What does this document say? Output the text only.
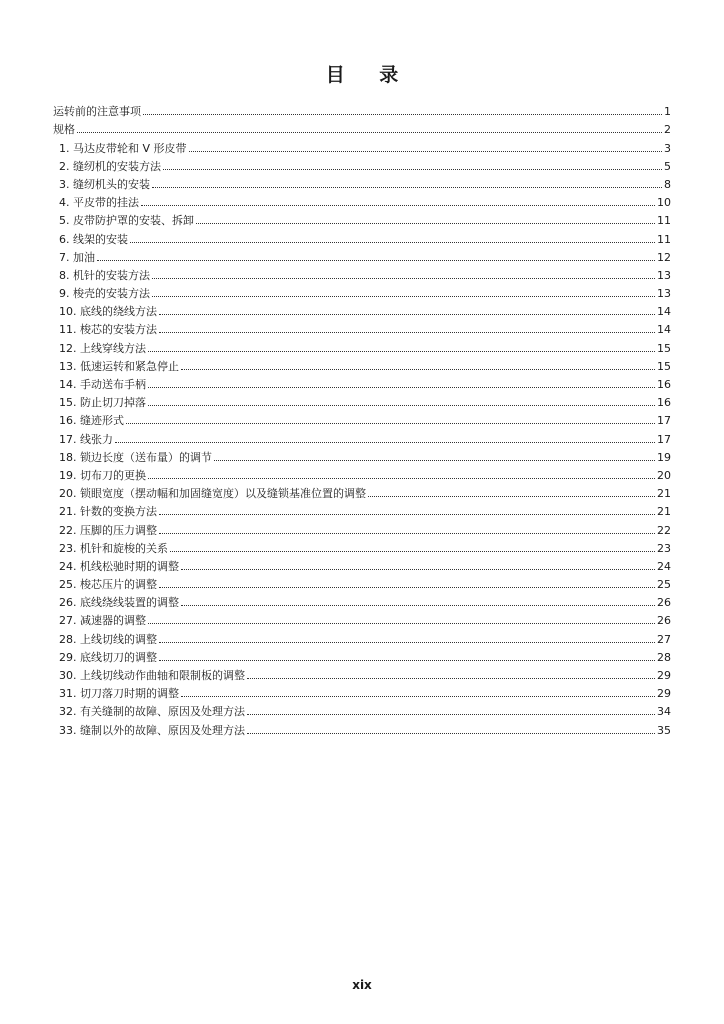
目 录
运转前的注意事项	1
规格	2
1. 马达皮带轮和 V 形皮带	3
2. 缝纫机的安装方法	5
3. 缝纫机头的安装	8
4. 平皮带的挂法	10
5. 皮带防护罩的安装、拆卸	11
6. 线架的安装	11
7. 加油	12
8. 机针的安装方法	13
9. 梭壳的安装方法	13
10. 底线的绕线方法	14
11. 梭芯的安装方法	14
12. 上线穿线方法	15
13. 低速运转和紧急停止	15
14. 手动送布手柄	16
15. 防止切刀掉落	16
16. 缝迹形式	17
17. 线张力	17
18. 锁边长度（送布量）的调节	19
19. 切布刀的更换	20
20. 锁眼宽度（摆动幅和加固缝宽度）以及缝锁基准位置的调整	21
21. 针数的变换方法	21
22. 压脚的压力调整	22
23. 机针和旋梭的关系	23
24. 机线松驰时期的调整	24
25. 梭芯压片的调整	25
26. 底线绕线装置的调整	26
27. 减速器的调整	26
28. 上线切线的调整	27
29. 底线切刀的调整	28
30. 上线切线动作曲轴和限制板的调整	29
31. 切刀落刀时期的调整	29
32. 有关缝制的故障、原因及处理方法	34
33. 缝制以外的故障、原因及处理方法	35
xix
